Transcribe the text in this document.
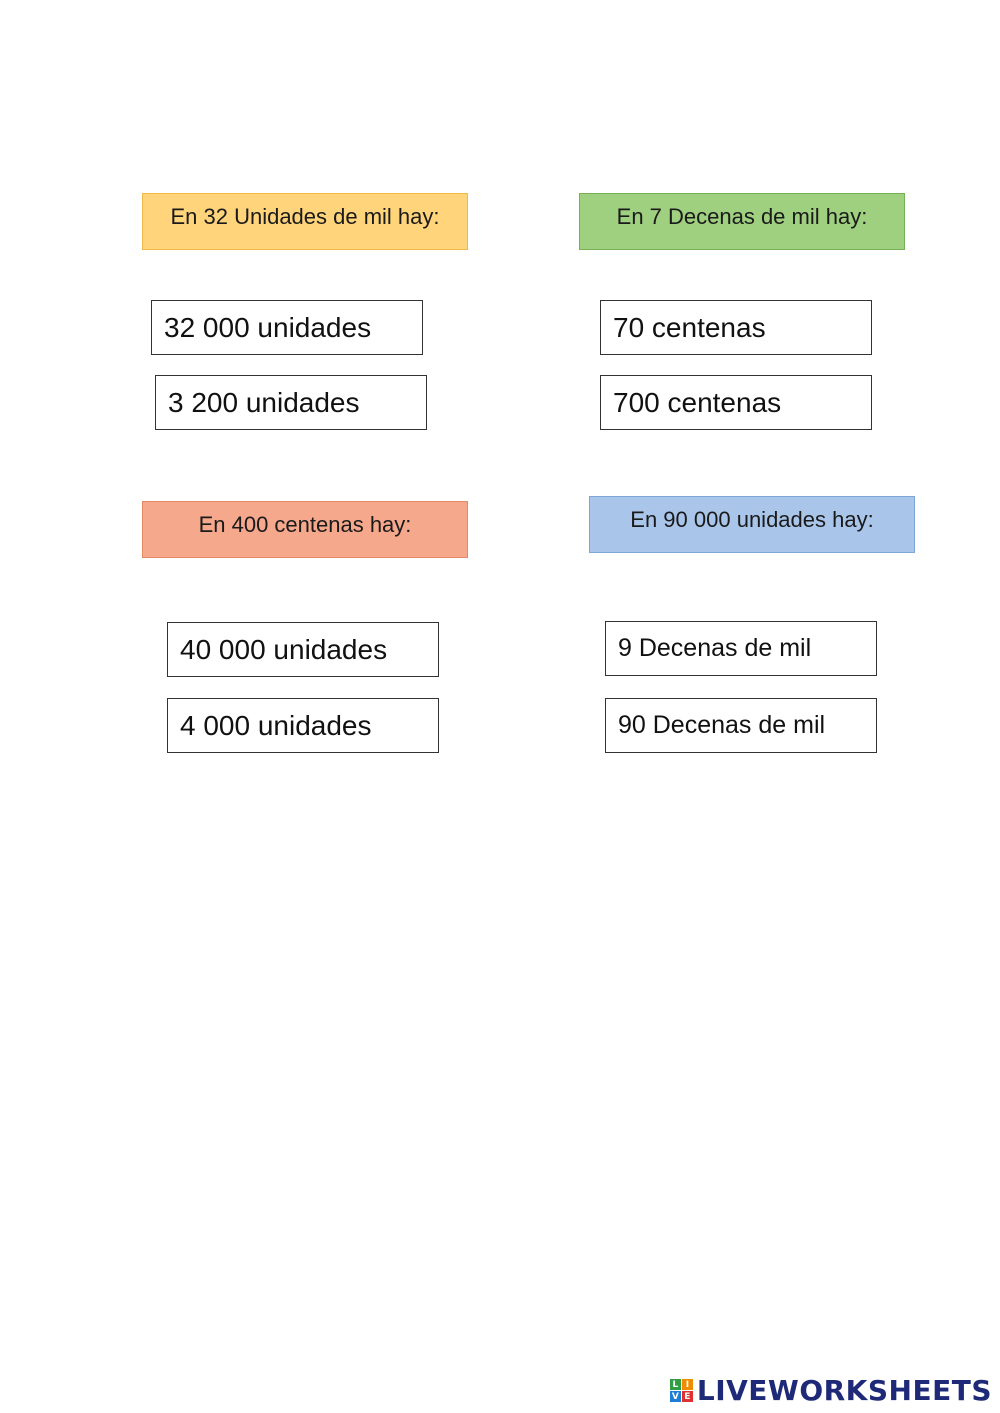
En 32 Unidades de mil hay:	En 7 Decenas de mil hay:
En 400 centenas hay:	En 90 000 unidades hay:
32 000 unidades
3 200 unidades
70 centenas
700 centenas
40 000 unidades
4 000 unidades
9 Decenas de mil
90 Decenas de mil
L I
V E LIVEWORKSHEETS
